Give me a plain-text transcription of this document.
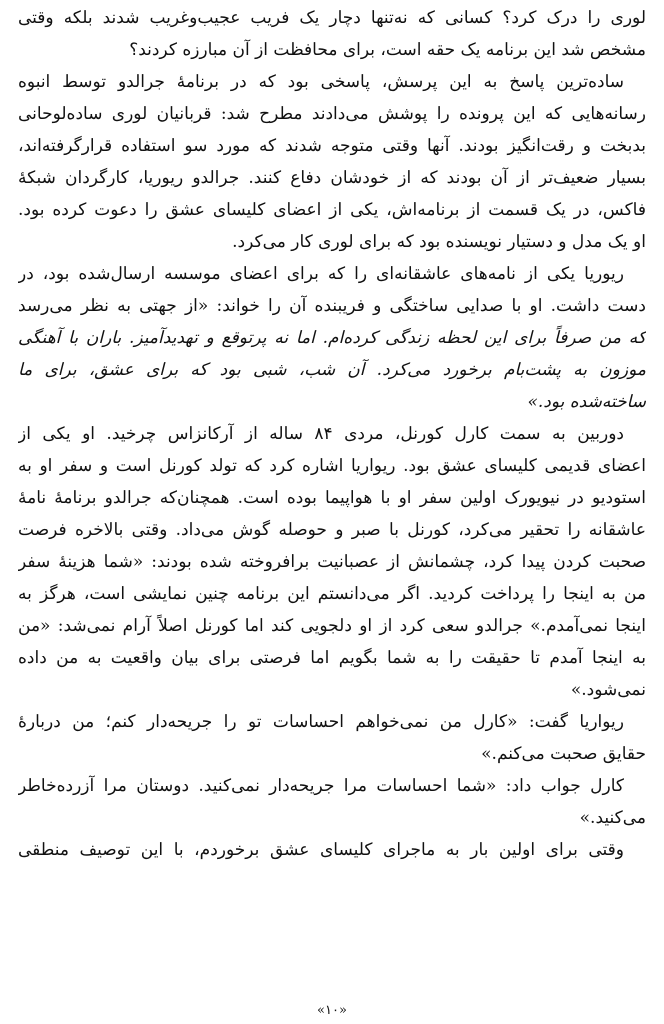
لوری را درک کرد؟ کسانی که نه‌تنها دچار یک فریب عجیب‌وغریب شدند بلکه وقتی
مشخص شد این برنامه یک حقه است، برای محافظت از آن مبارزه کردند؟
ساده‌ترین پاسخ به این پرسش، پاسخی بود که در برنامهٔ جرالدو توسط انبوه
رسانه‌هایی که این پرونده را پوشش می‌دادند مطرح شد: قربانیان لوری ساده‌لوحانی
بدبخت و رقت‌انگیز بودند. آنها وقتی متوجه شدند که مورد سو استفاده قرارگرفته‌اند،
بسیار ضعیف‌تر از آن بودند که از خودشان دفاع کنند. جرالدو ریوریا، کارگردان شبکهٔ
فاکس، در یک قسمت از برنامه‌اش، یکی از اعضای کلیسای عشق را دعوت کرده بود.
او یک مدل و دستیار نویسنده بود که برای لوری کار می‌کرد.
ریوریا یکی از نامه‌های عاشقانه‌ای را که برای اعضای موسسه ارسال‌شده بود، در
دست داشت. او با صدایی ساختگی و فریبنده آن را خواند: «از جهتی به نظر می‌رسد
که من صرفاً برای این لحظه زندگی کرده‌ام. اما نه پرتوقع و تهدیدآمیز. باران با آهنگی
موزون به پشت‌بام برخورد می‌کرد. آن شب، شبی بود که برای عشق، برای ما
ساخته‌شده بود.»
دوربین به سمت کارل کورنل، مردی ۸۴ ساله از آرکانزاس چرخید. او یکی از
اعضای قدیمی کلیسای عشق بود. ریواریا اشاره کرد که تولد کورنل است و سفر او به
استودیو در نیویورک اولین سفر او با هواپیما بوده است. همچنان‌که جرالدو برنامهٔ نامهٔ
عاشقانه را تحقیر می‌کرد، کورنل با صبر و حوصله گوش می‌داد. وقتی بالاخره فرصت
صحبت کردن پیدا کرد، چشمانش از عصبانیت برافروخته شده بودند: «شما هزینهٔ سفر
من به اینجا را پرداخت کردید. اگر می‌دانستم این برنامه چنین نمایشی است، هرگز به
اینجا نمی‌آمدم.» جرالدو سعی کرد از او دلجویی کند اما کورنل اصلاً آرام نمی‌شد: «من
به اینجا آمدم تا حقیقت را به شما بگویم اما فرصتی برای بیان واقعیت به من داده
نمی‌شود.»
ریواریا گفت: «کارل من نمی‌خواهم احساسات تو را جریحه‌دار کنم؛ من دربارهٔ
حقایق صحبت می‌کنم.»
کارل جواب داد: «شما احساسات مرا جریحه‌دار نمی‌کنید. دوستان مرا آزرده‌خاطر
می‌کنید.»
وقتی برای اولین بار به ماجرای کلیسای عشق برخوردم، با این توصیف منطقی
«۱۰»
